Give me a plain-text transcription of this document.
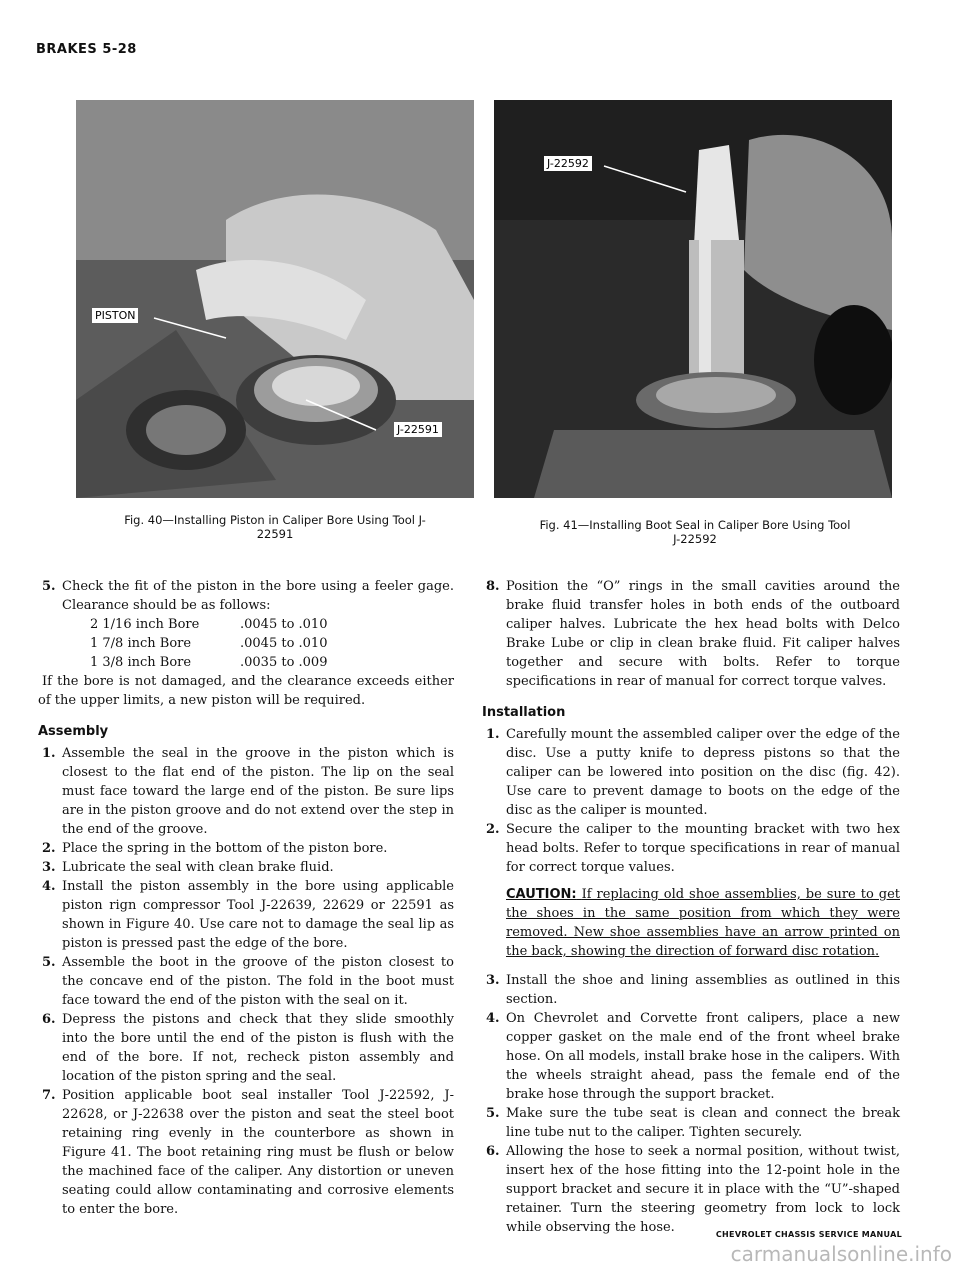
BRAKES 5-28
PISTON
J-22591
Fig. 40—Installing Piston in Caliper Bore Using Tool J-22591
J-22592
Fig. 41—Installing Boot Seal in Caliper Bore Using Tool J-22592
5. Check the fit of the piston in the bore using a feeler gage. Clearance should be as follows:
2 1/16 inch Bore	.0045 to .010
1 7/8 inch Bore	.0045 to .010
1 3/8 inch Bore	.0035 to .009

If the bore is not damaged, and the clearance exceeds either of the upper limits, a new piston will be required.

Assembly
1. Assemble the seal in the groove in the piston which is closest to the flat end of the piston. The lip on the seal must face toward the large end of the piston. Be sure lips are in the piston groove and do not extend over the step in the end of the groove.
2. Place the spring in the bottom of the piston bore.
3. Lubricate the seal with clean brake fluid.
4. Install the piston assembly in the bore using applicable piston rign compressor Tool J-22639, 22629 or 22591 as shown in Figure 40. Use care not to damage the seal lip as piston is pressed past the edge of the bore.
5. Assemble the boot in the groove of the piston closest to the concave end of the piston. The fold in the boot must face toward the end of the piston with the seal on it.
6. Depress the pistons and check that they slide smoothly into the bore until the end of the piston is flush with the end of the bore. If not, recheck piston assembly and location of the piston spring and the seal.
7. Position applicable boot seal installer Tool J-22592, J-22628, or J-22638 over the piston and seat the steel boot retaining ring evenly in the counterbore as shown in Figure 41. The boot retaining ring must be flush or below the machined face of the caliper. Any distortion or uneven seating could allow contaminating and corrosive elements to enter the bore.
8. Position the “O” rings in the small cavities around the brake fluid transfer holes in both ends of the outboard caliper halves. Lubricate the hex head bolts with Delco Brake Lube or clip in clean brake fluid. Fit caliper halves together and secure with bolts. Refer to torque specifications in rear of manual for correct torque valves.
Installation
1. Carefully mount the assembled caliper over the edge of the disc. Use a putty knife to depress pistons so that the caliper can be lowered into position on the disc (fig. 42). Use care to prevent damage to boots on the edge of the disc as the caliper is mounted.
2. Secure the caliper to the mounting bracket with two hex head bolts. Refer to torque specifications in rear of manual for correct torque values.
CAUTION: If replacing old shoe assemblies, be sure to get the shoes in the same position from which they were removed. New shoe assemblies have an arrow printed on the back, showing the direction of forward disc rotation.
3. Install the shoe and lining assemblies as outlined in this section.
4. On Chevrolet and Corvette front calipers, place a new copper gasket on the male end of the front wheel brake hose. On all models, install brake hose in the calipers. With the wheels straight ahead, pass the female end of the brake hose through the support bracket.
5. Make sure the tube seat is clean and connect the break line tube nut to the caliper. Tighten securely.
6. Allowing the hose to seek a normal position, without twist, insert hex of the hose fitting into the 12-point hole in the support bracket and secure it in place with the “U”-shaped retainer. Turn the steering geometry from lock to lock while observing the hose.	CHEVROLET CHASSIS SERVICE MANUAL
carmanualsonline.info
